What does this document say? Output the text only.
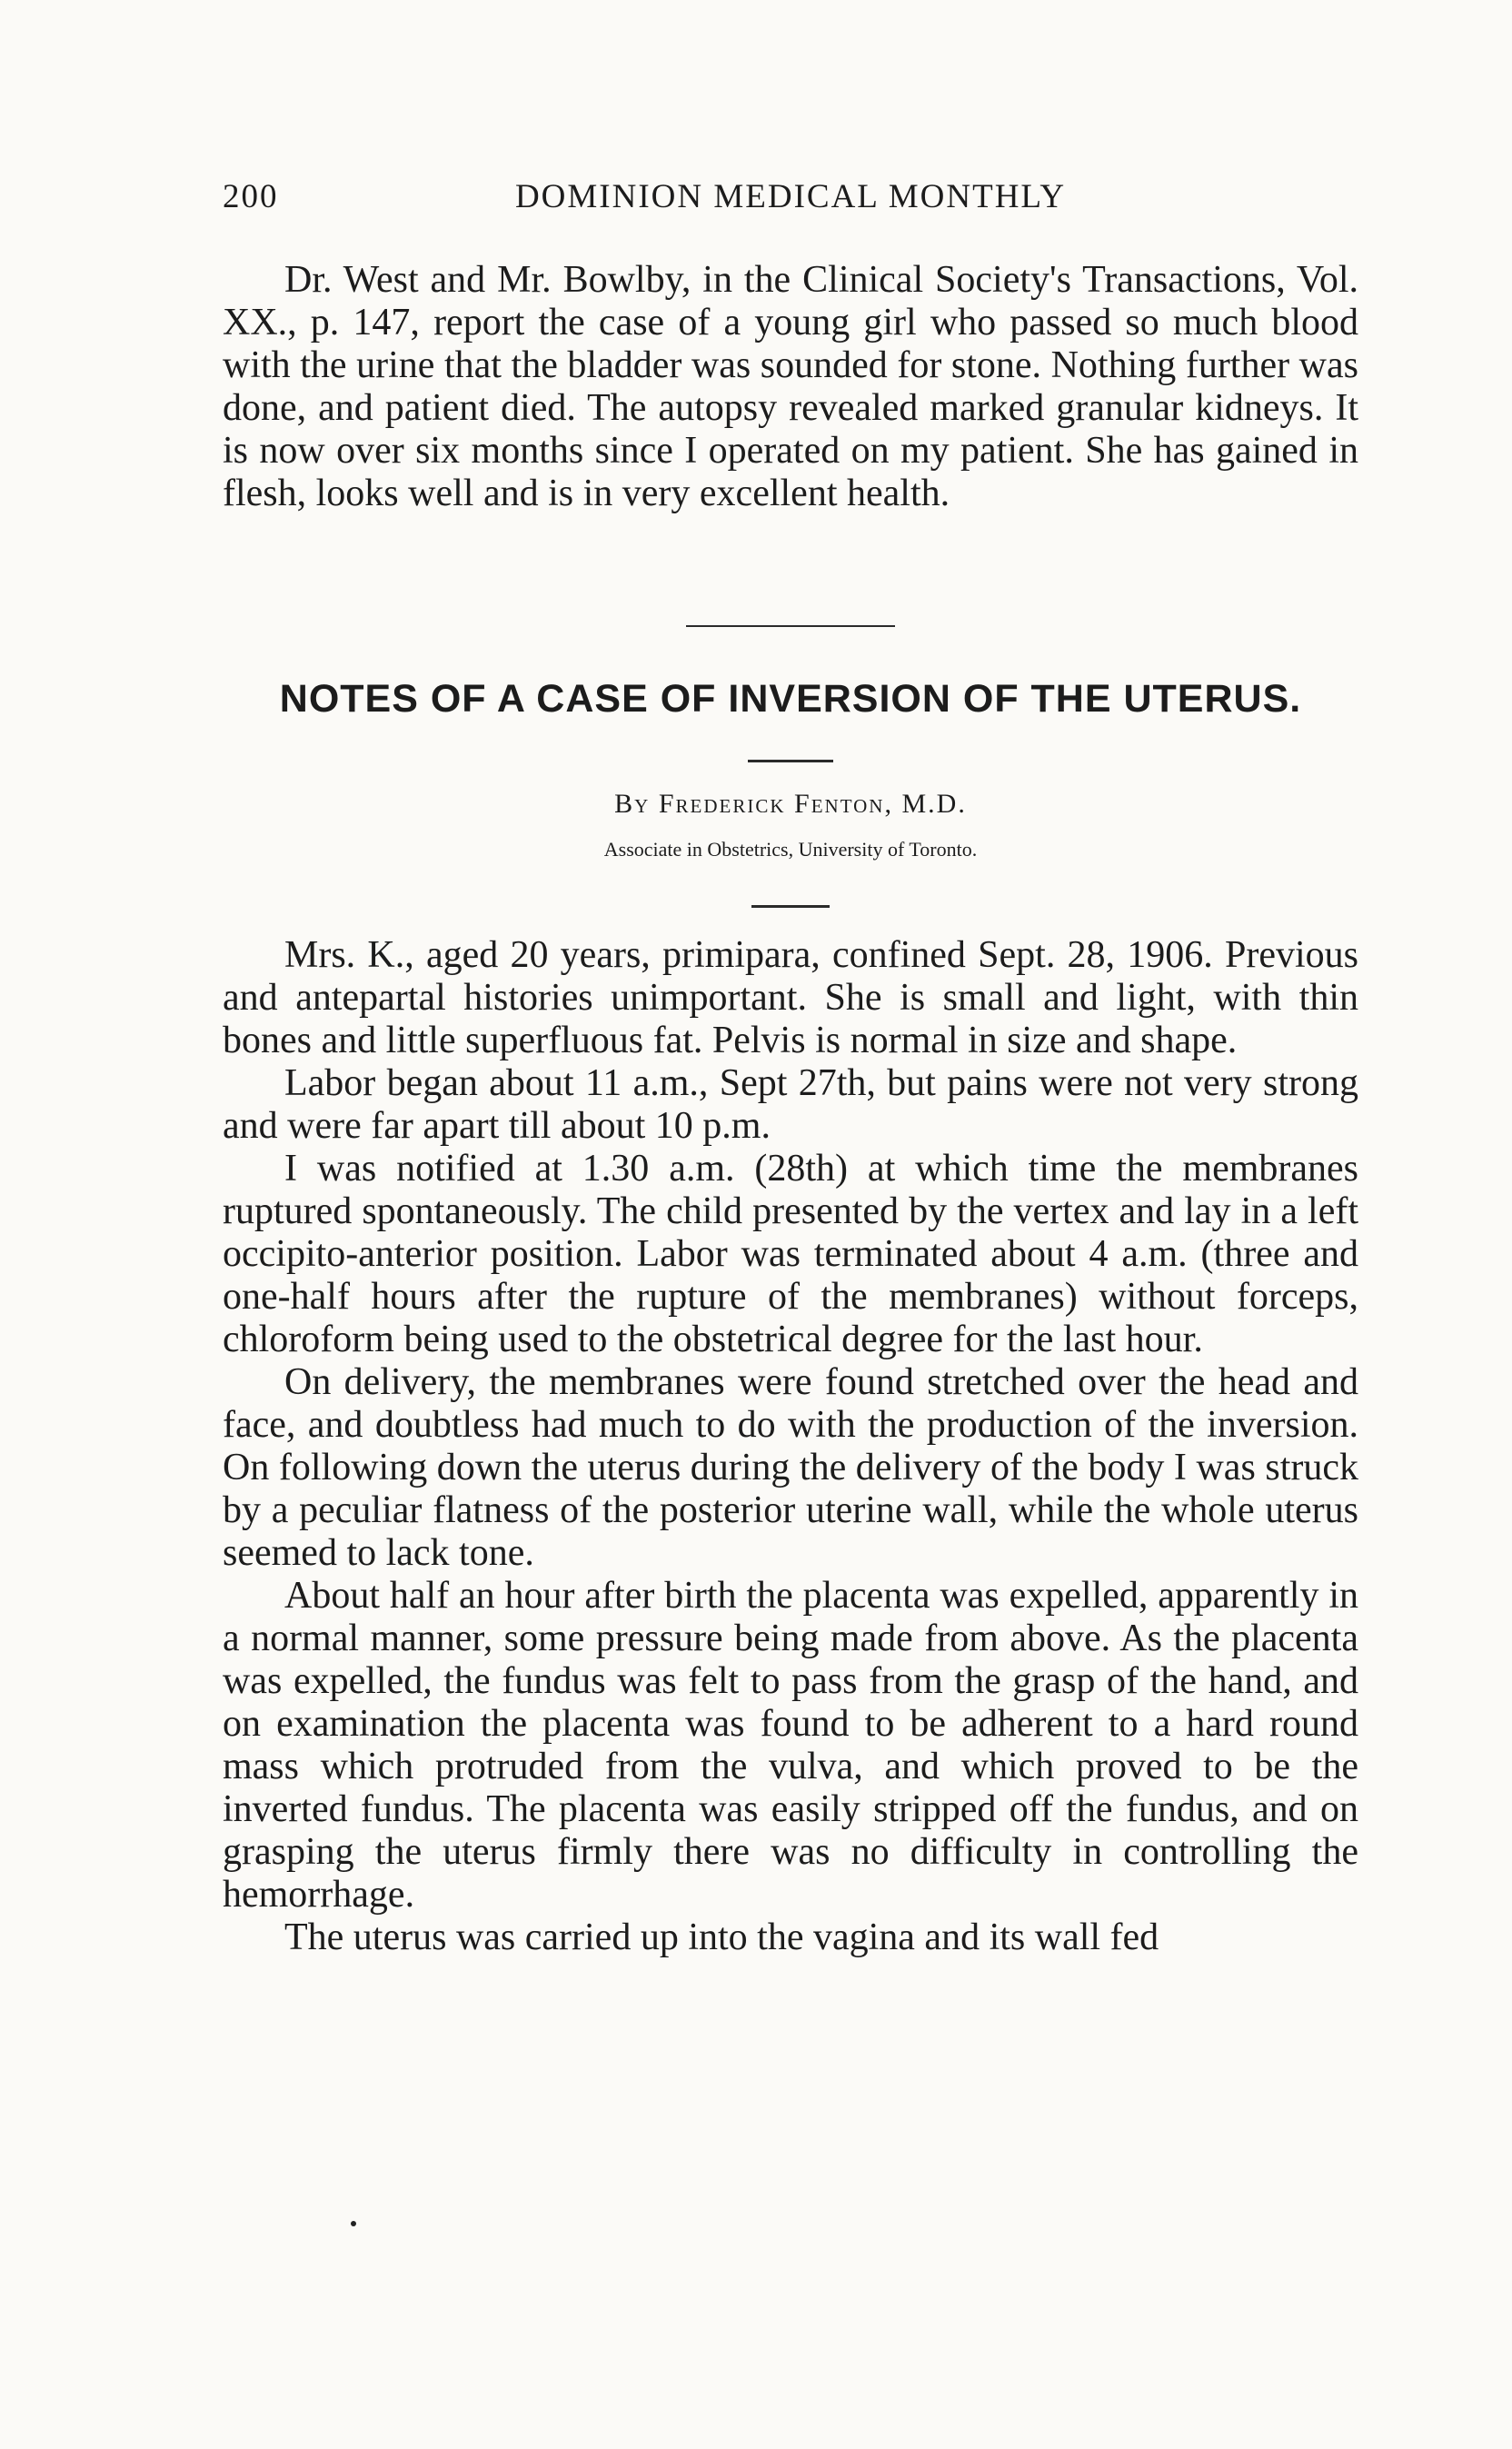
200	DOMINION MEDICAL MONTHLY

Dr. West and Mr. Bowlby, in the Clinical Society's Transactions, Vol. XX., p. 147, report the case of a young girl who passed so much blood with the urine that the bladder was sounded for stone. Nothing further was done, and patient died. The autopsy revealed marked granular kidneys. It is now over six months since I operated on my patient. She has gained in flesh, looks well and is in very excellent health.

NOTES OF A CASE OF INVERSION OF THE UTERUS.
By Frederick Fenton, M.D.
Associate in Obstetrics, University of Toronto.

Mrs. K., aged 20 years, primipara, confined Sept. 28, 1906. Previous and antepartal histories unimportant. She is small and light, with thin bones and little superfluous fat. Pelvis is normal in size and shape.

Labor began about 11 a.m., Sept 27th, but pains were not very strong and were far apart till about 10 p.m.

I was notified at 1.30 a.m. (28th) at which time the membranes ruptured spontaneously. The child presented by the vertex and lay in a left occipito-anterior position. Labor was terminated about 4 a.m. (three and one-half hours after the rupture of the membranes) without forceps, chloroform being used to the obstetrical degree for the last hour.

On delivery, the membranes were found stretched over the head and face, and doubtless had much to do with the production of the inversion. On following down the uterus during the delivery of the body I was struck by a peculiar flatness of the posterior uterine wall, while the whole uterus seemed to lack tone.

About half an hour after birth the placenta was expelled, apparently in a normal manner, some pressure being made from above. As the placenta was expelled, the fundus was felt to pass from the grasp of the hand, and on examination the placenta was found to be adherent to a hard round mass which protruded from the vulva, and which proved to be the inverted fundus. The placenta was easily stripped off the fundus, and on grasping the uterus firmly there was no difficulty in controlling the hemorrhage.

The uterus was carried up into the vagina and its wall fed
